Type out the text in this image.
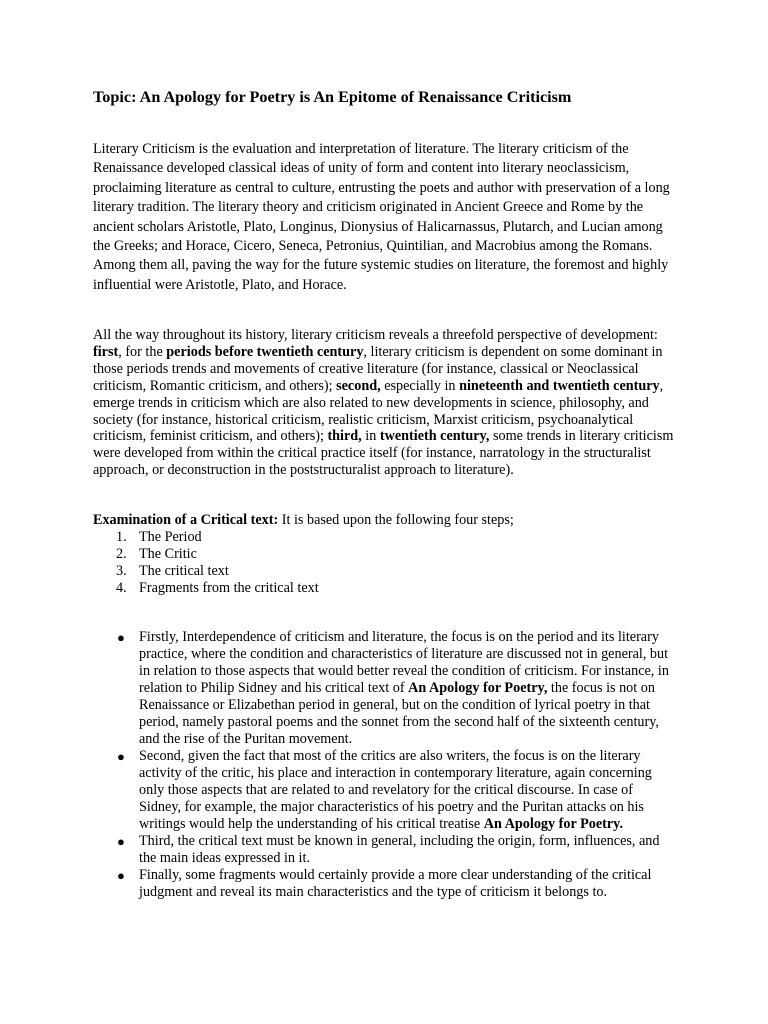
Topic: An Apology for Poetry is An Epitome of Renaissance Criticism

Literary Criticism is the evaluation and interpretation of literature. The literary criticism of the Renaissance developed classical ideas of unity of form and content into literary neoclassicism, proclaiming literature as central to culture, entrusting the poets and author with preservation of a long literary tradition. The literary theory and criticism originated in Ancient Greece and Rome by the ancient scholars Aristotle, Plato, Longinus, Dionysius of Halicarnassus, Plutarch, and Lucian among the Greeks; and Horace, Cicero, Seneca, Petronius, Quintilian, and Macrobius among the Romans. Among them all, paving the way for the future systemic studies on literature, the foremost and highly influential were Aristotle, Plato, and Horace.

All the way throughout its history, literary criticism reveals a threefold perspective of development: first, for the periods before twentieth century, literary criticism is dependent on some dominant in those periods trends and movements of creative literature (for instance, classical or Neoclassical criticism, Romantic criticism, and others); second, especially in nineteenth and twentieth century, emerge trends in criticism which are also related to new developments in science, philosophy, and society (for instance, historical criticism, realistic criticism, Marxist criticism, psychoanalytical criticism, feminist criticism, and others); third, in twentieth century, some trends in literary criticism were developed from within the critical practice itself (for instance, narratology in the structuralist approach, or deconstruction in the poststructuralist approach to literature).

Examination of a Critical text: It is based upon the following four steps;

1. The Period
2. The Critic
3. The critical text
4. Fragments from the critical text
● Firstly, Interdependence of criticism and literature, the focus is on the period and its literary practice, where the condition and characteristics of literature are discussed not in general, but in relation to those aspects that would better reveal the condition of criticism. For instance, in relation to Philip Sidney and his critical text of An Apology for Poetry, the focus is not on Renaissance or Elizabethan period in general, but on the condition of lyrical poetry in that period, namely pastoral poems and the sonnet from the second half of the sixteenth century, and the rise of the Puritan movement.
● Second, given the fact that most of the critics are also writers, the focus is on the literary activity of the critic, his place and interaction in contemporary literature, again concerning only those aspects that are related to and revelatory for the critical discourse. In case of Sidney, for example, the major characteristics of his poetry and the Puritan attacks on his writings would help the understanding of his critical treatise An Apology for Poetry.
● Third, the critical text must be known in general, including the origin, form, influences, and the main ideas expressed in it.
● Finally, some fragments would certainly provide a more clear understanding of the critical judgment and reveal its main characteristics and the type of criticism it belongs to.
